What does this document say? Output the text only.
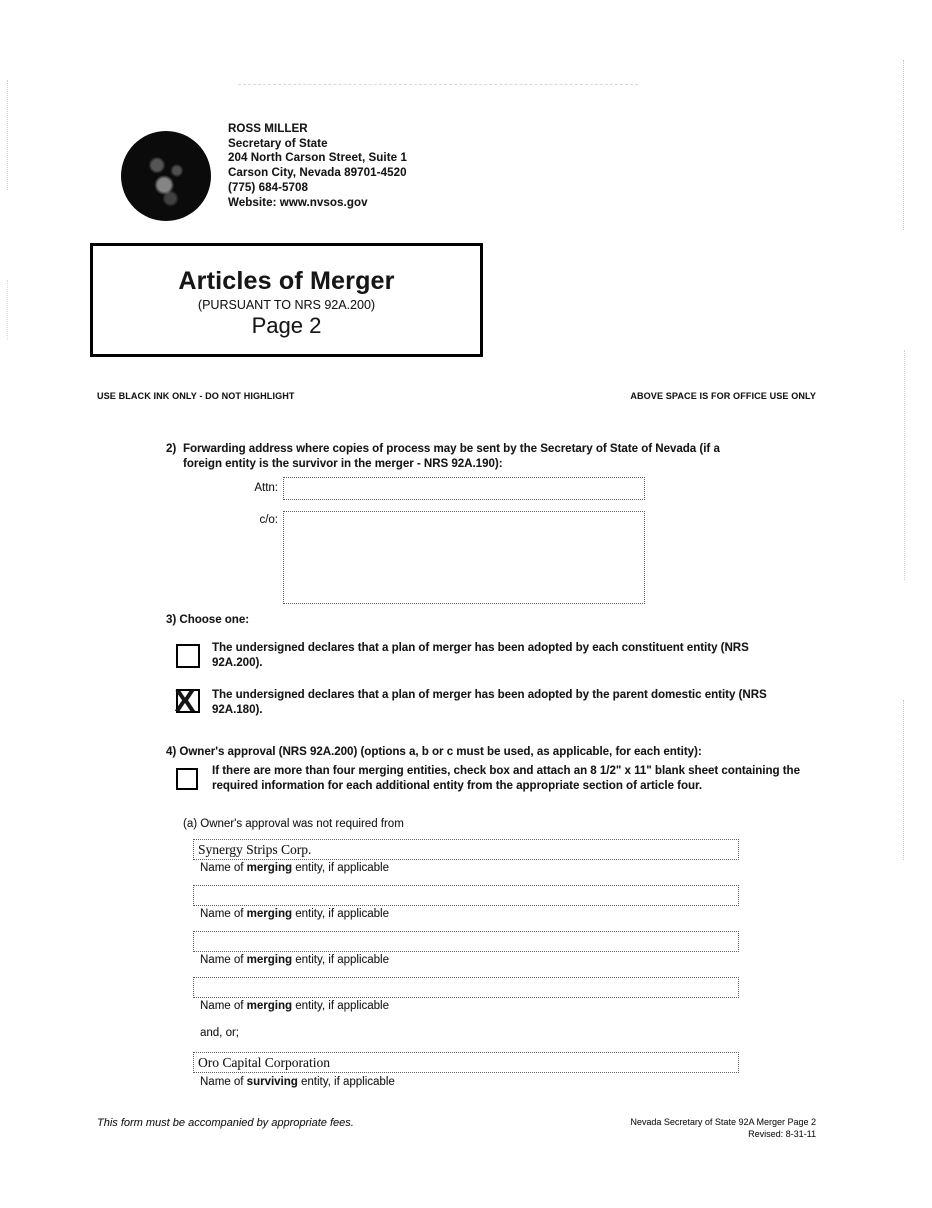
ROSS MILLER
Secretary of State
204 North Carson Street, Suite 1
Carson City, Nevada 89701-4520
(775) 684-5708
Website: www.nvsos.gov
Articles of Merger
(PURSUANT TO NRS 92A.200)
Page 2
USE BLACK INK ONLY - DO NOT HIGHLIGHT	ABOVE SPACE IS FOR OFFICE USE ONLY
2) Forwarding address where copies of process may be sent by the Secretary of State of Nevada (if a foreign entity is the survivor in the merger - NRS 92A.190):
Attn:
c/o:
3) Choose one:
The undersigned declares that a plan of merger has been adopted by each constituent entity (NRS 92A.200).
X The undersigned declares that a plan of merger has been adopted by the parent domestic entity (NRS 92A.180).
4) Owner's approval (NRS 92A.200) (options a, b or c must be used, as applicable, for each entity):
If there are more than four merging entities, check box and attach an 8 1/2" x 11" blank sheet containing the required information for each additional entity from the appropriate section of article four.
(a) Owner's approval was not required from
Synergy Strips Corp.
Name of merging entity, if applicable
Name of merging entity, if applicable
Name of merging entity, if applicable
Name of merging entity, if applicable
and, or;
Oro Capital Corporation
Name of surviving entity, if applicable
This form must be accompanied by appropriate fees.	Nevada Secretary of State 92A Merger Page 2
Revised: 8-31-11
